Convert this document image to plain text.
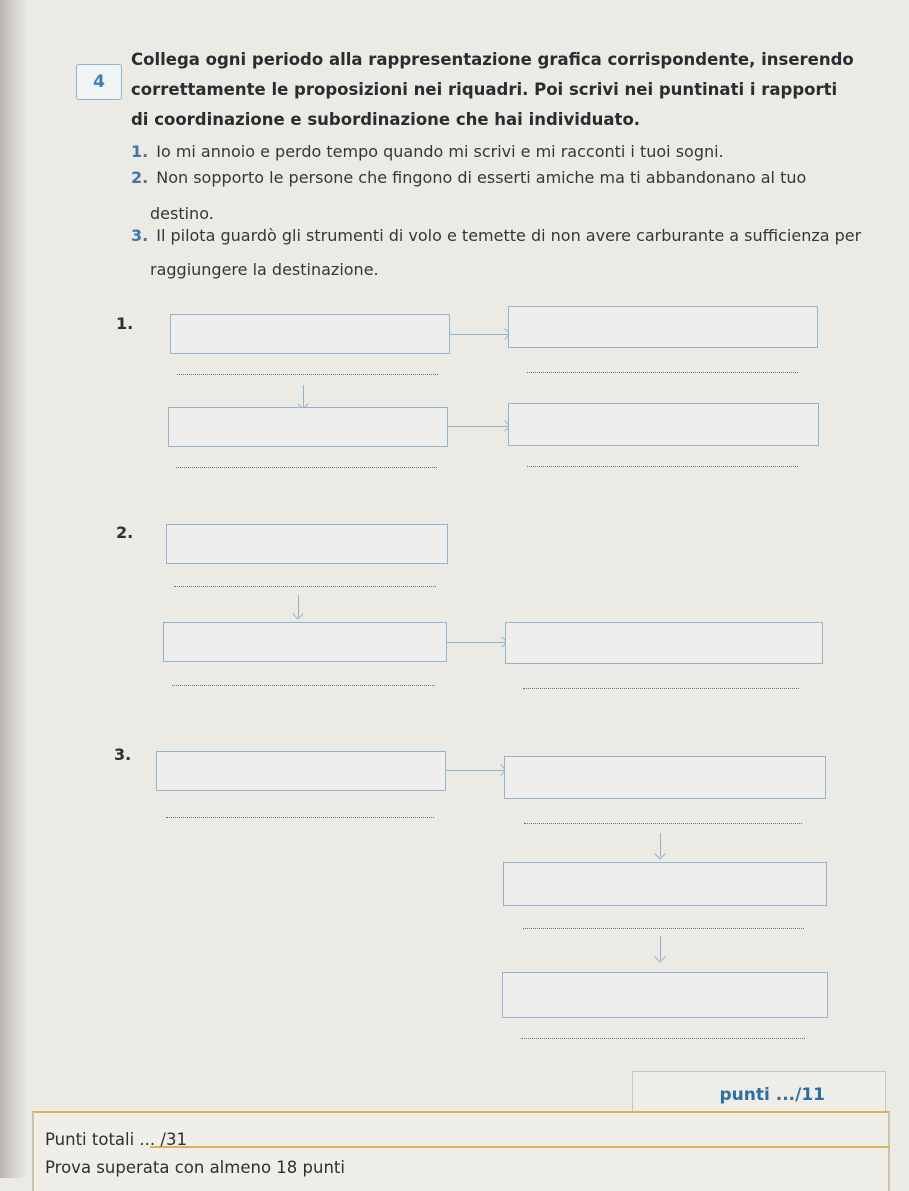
4
Collega ogni periodo alla rappresentazione grafica corrispondente, inserendo
correttamente le proposizioni nei riquadri. Poi scrivi nei puntinati i rapporti
di coordinazione e subordinazione che hai individuato.
1. Io mi annoio e perdo tempo quando mi scrivi e mi racconti i tuoi sogni.
2. Non sopporto le persone che fingono di esserti amiche ma ti abbandonano al tuo
destino.
3. Il pilota guardò gli strumenti di volo e temette di non avere carburante a sufficienza per
raggiungere la destinazione.
1.
2.
3.
punti .../11
Punti totali ... /31
Prova superata con almeno 18 punti
